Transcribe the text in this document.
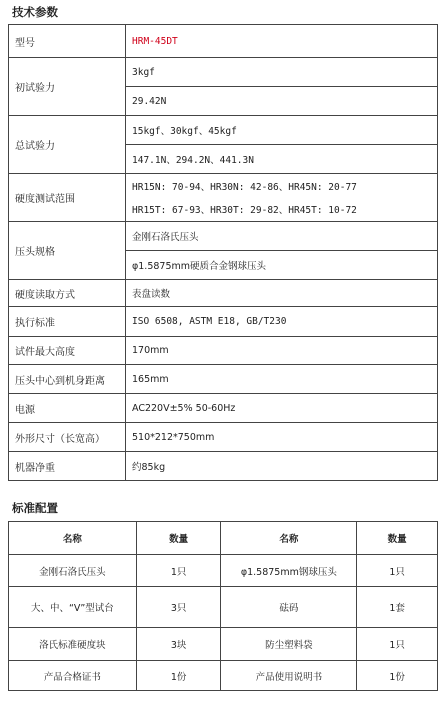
技术参数
型号	HRM-45DT
初试验力	3kgf
	29.42N
总试验力	15kgf、30kgf、45kgf
	147.1N、294.2N、441.3N
硬度测试范围	HR15N: 70-94、HR30N: 42-86、HR45N: 20-77
	HR15T: 67-93、HR30T: 29-82、HR45T: 10-72
压头规格	金刚石洛氏压头
	φ1.5875mm硬质合金钢球压头
硬度读取方式	表盘读数
执行标准	ISO 6508, ASTM E18, GB/T230
试件最大高度	170mm
压头中心到机身距离	165mm
电源	AC220V±5% 50-60Hz
外形尺寸（长宽高）	510*212*750mm
机器净重	约85kg
标准配置
名称	数量	名称	数量
金刚石洛氏压头	1只	φ1.5875mm钢球压头	1只
大、中、“V”型试台	3只	砝码	1套
洛氏标准硬度块	3块	防尘塑料袋	1只
产品合格证书	1份	产品使用说明书	1份
